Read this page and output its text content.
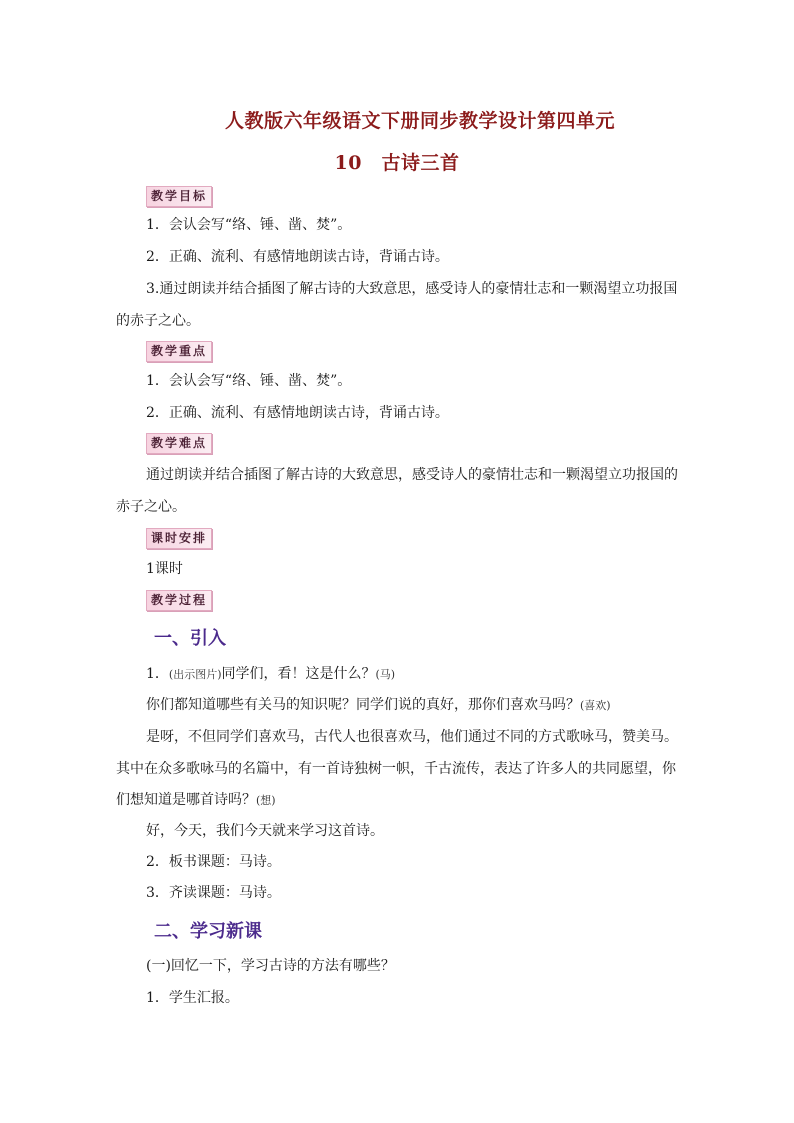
人教版六年级语文下册同步教学设计第四单元
10　古诗三首
教学目标
1．会认会写“络、锤、凿、焚”。
2．正确、流利、有感情地朗读古诗，背诵古诗。
3.通过朗读并结合插图了解古诗的大致意思，感受诗人的豪情壮志和一颗渴望立功报国
的赤子之心。
教学重点
1．会认会写“络、锤、凿、焚”。
2．正确、流利、有感情地朗读古诗，背诵古诗。
教学难点
通过朗读并结合插图了解古诗的大致意思，感受诗人的豪情壮志和一颗渴望立功报国的
赤子之心。
课时安排
1课时
教学过程
一、引入
1．(出示图片)同学们，看！这是什么？(马)
你们都知道哪些有关马的知识呢？同学们说的真好，那你们喜欢马吗？(喜欢)
是呀，不但同学们喜欢马，古代人也很喜欢马，他们通过不同的方式歌咏马，赞美马。
其中在众多歌咏马的名篇中，有一首诗独树一帜，千古流传，表达了许多人的共同愿望，你
们想知道是哪首诗吗？(想)
好，今天，我们今天就来学习这首诗。
2．板书课题：马诗。
3．齐读课题：马诗。
二、学习新课
(一)回忆一下，学习古诗的方法有哪些？
1．学生汇报。
